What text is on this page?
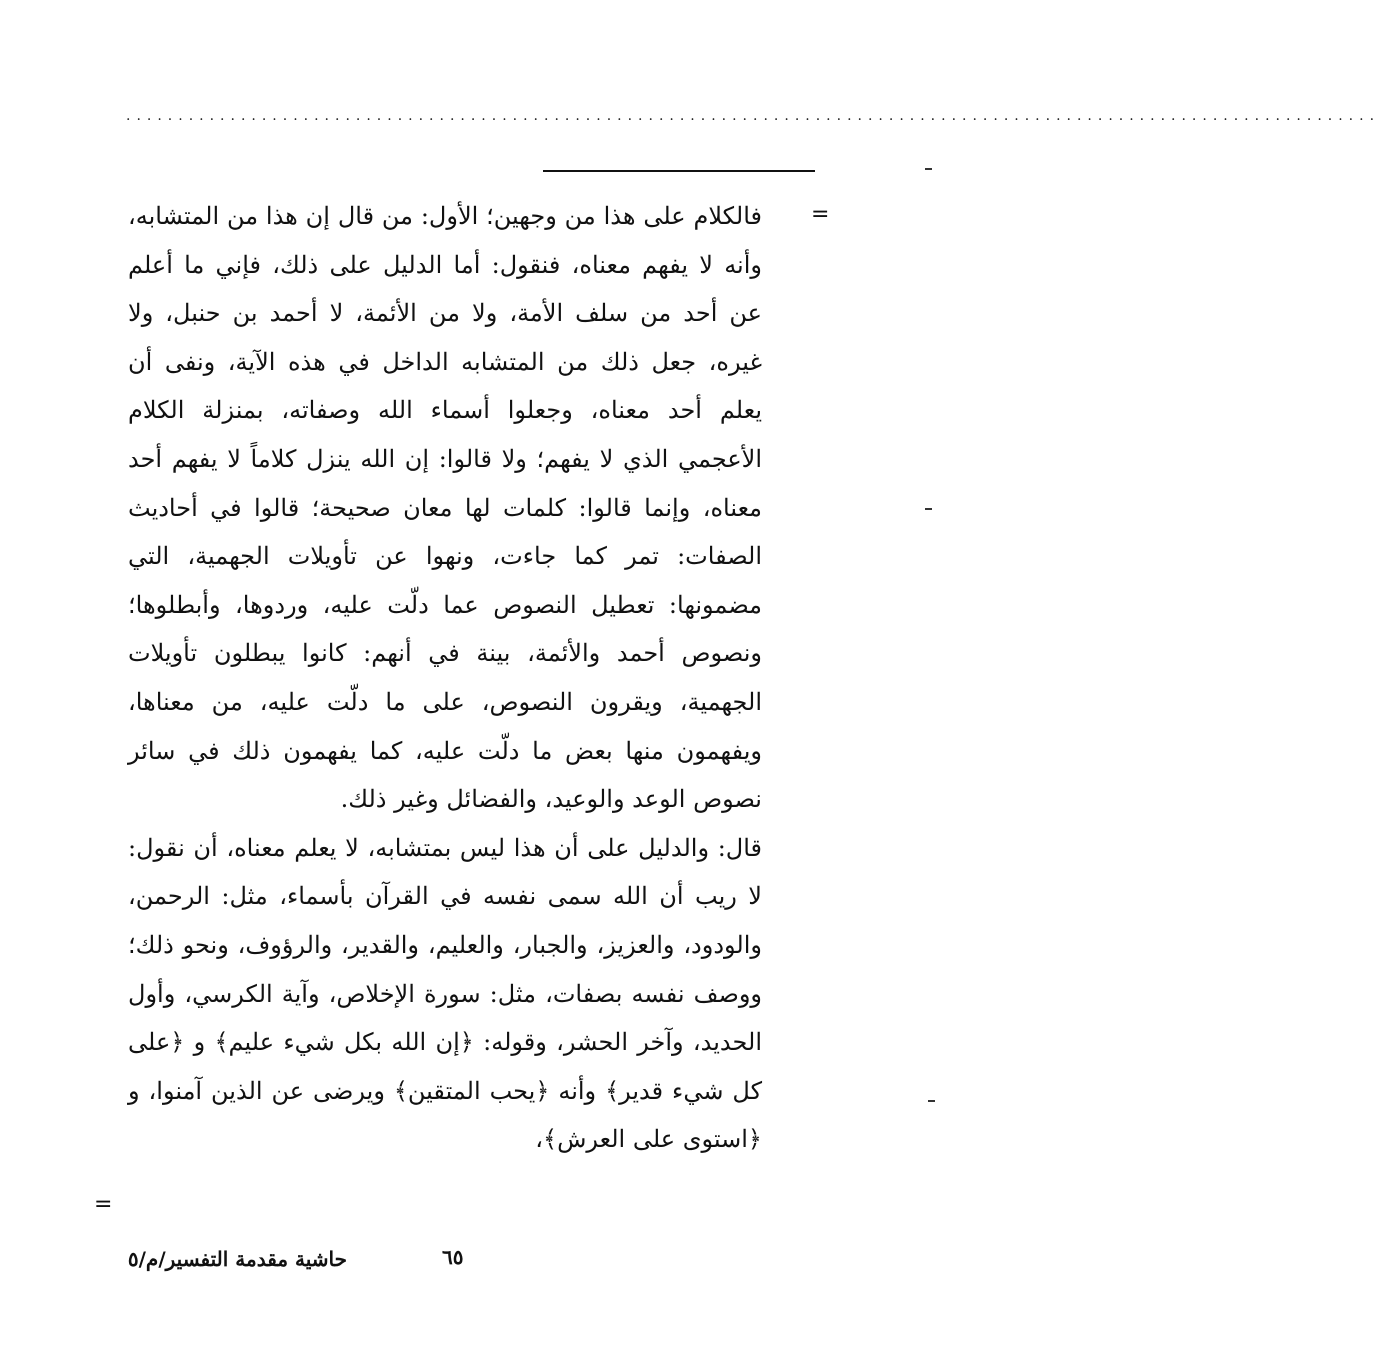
........................................................................................................................
=

فالكلام على هذا من وجهين؛ الأول: من قال إن هذا من المتشابه، وأنه لا يفهم معناه، فنقول: أما الدليل على ذلك، فإني ما أعلم عن أحد من سلف الأمة، ولا من الأئمة، لا أحمد بن حنبل، ولا غيره، جعل ذلك من المتشابه الداخل في هذه الآية، ونفى أن يعلم أحد معناه، وجعلوا أسماء الله وصفاته، بمنزلة الكلام الأعجمي الذي لا يفهم؛ ولا قالوا: إن الله ينزل كلاماً لا يفهم أحد معناه، وإنما قالوا: كلمات لها معان صحيحة؛ قالوا في أحاديث الصفات: تمر كما جاءت، ونهوا عن تأويلات الجهمية، التي مضمونها: تعطيل النصوص عما دلّت عليه، وردوها، وأبطلوها؛ ونصوص أحمد والأئمة، بينة في أنهم: كانوا يبطلون تأويلات الجهمية، ويقرون النصوص، على ما دلّت عليه، من معناها، ويفهمون منها بعض ما دلّت عليه، كما يفهمون ذلك في سائر نصوص الوعد والوعيد، والفضائل وغير ذلك.

قال: والدليل على أن هذا ليس بمتشابه، لا يعلم معناه، أن نقول: لا ريب أن الله سمى نفسه في القرآن بأسماء، مثل: الرحمن، والودود، والعزيز، والجبار، والعليم، والقدير، والرؤوف، ونحو ذلك؛ ووصف نفسه بصفات، مثل: سورة الإخلاص، وآية الكرسي، وأول الحديد، وآخر الحشر، وقوله: ﴿إن الله بكل شيء عليم﴾ و ﴿على كل شيء قدير﴾ وأنه ﴿يحب المتقين﴾ ويرضى عن الذين آمنوا، و ﴿استوى على العرش﴾،

=
حاشية مقدمة التفسير/م/٥	٦٥
